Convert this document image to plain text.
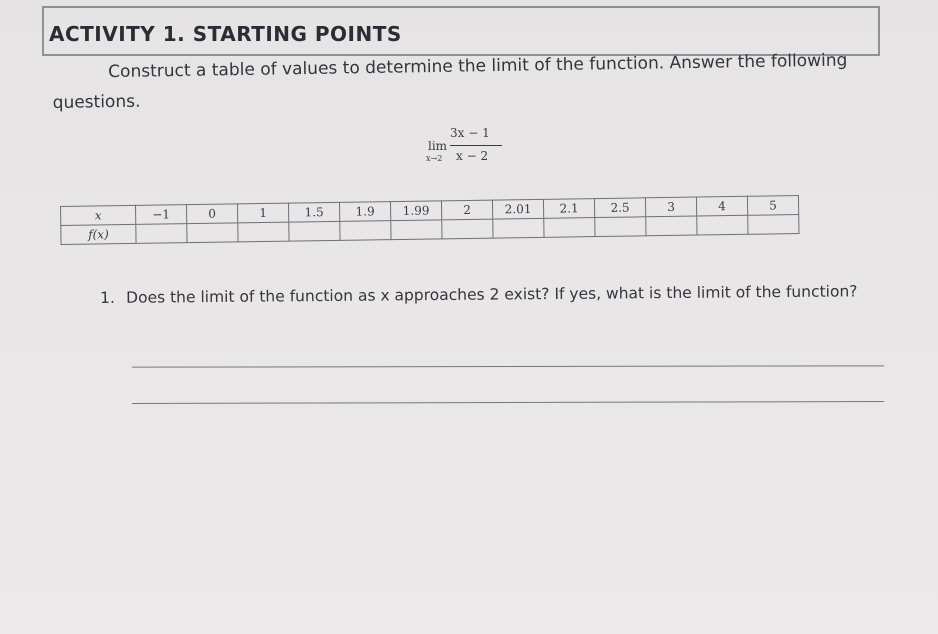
ACTIVITY 1. STARTING POINTS
Construct a table of values to determine the limit of the function. Answer the following
questions.
3x − 1
lim
x→2 x − 2
x	−1	0	1	1.5	1.9	1.99	2	2.01	2.1	2.5	3	4	5
f(x)													
1. Does the limit of the function as x approaches 2 exist? If yes, what is the limit of the function?
